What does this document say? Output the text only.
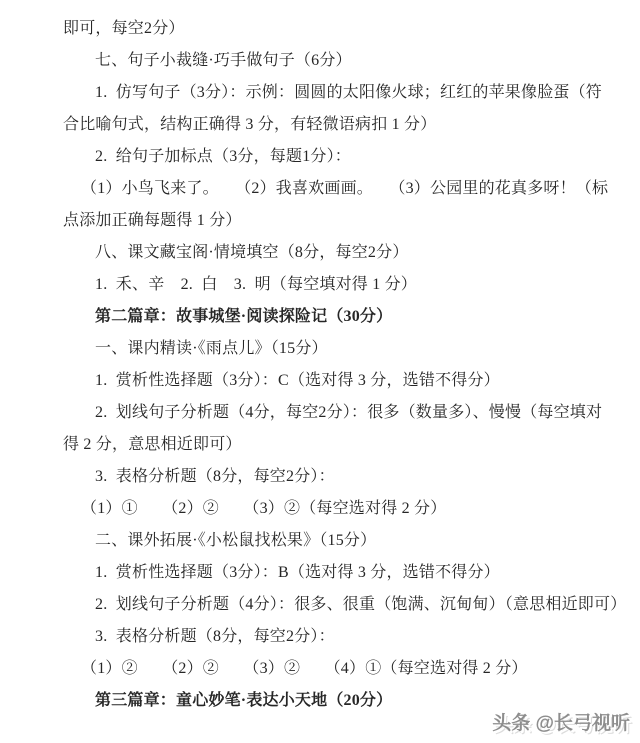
即可，每空2分）
七、句子小裁缝·巧手做句子（6分）
1.  仿写句子（3分）：示例：圆圆的太阳像火球；红红的苹果像脸蛋（符
合比喻句式，结构正确得 3 分，有轻微语病扣 1 分）
2.  给句子加标点（3分，每题1分）：
（1）小鸟飞来了。　　（2）我喜欢画画。　　（3）公园里的花真多呀！（标
点添加正确每题得 1 分）
八、课文藏宝阁·情境填空（8分，每空2分）
1.  禾、辛　2.  白　3.  明（每空填对得 1 分）
第二篇章：故事城堡·阅读探险记（30分）
一、课内精读·《雨点儿》（15分）
1.  赏析性选择题（3分）：C（选对得 3 分，选错不得分）
2.  划线句子分析题（4分，每空2分）：很多（数量多）、慢慢（每空填对
得 2 分，意思相近即可）
3.  表格分析题（8分，每空2分）：
（1）①　　（2）②　　（3）②（每空选对得 2 分）
二、课外拓展·《小松鼠找松果》（15分）
1.  赏析性选择题（3分）：B（选对得 3 分，选错不得分）
2.  划线句子分析题（4分）：很多、很重（饱满、沉甸甸）（意思相近即可）
3.  表格分析题（8分，每空2分）：
（1）②　　（2）②　　（3）②　　（4）①（每空选对得 2 分）
第三篇章：童心妙笔·表达小天地（20分）
头条 @长弓视听
